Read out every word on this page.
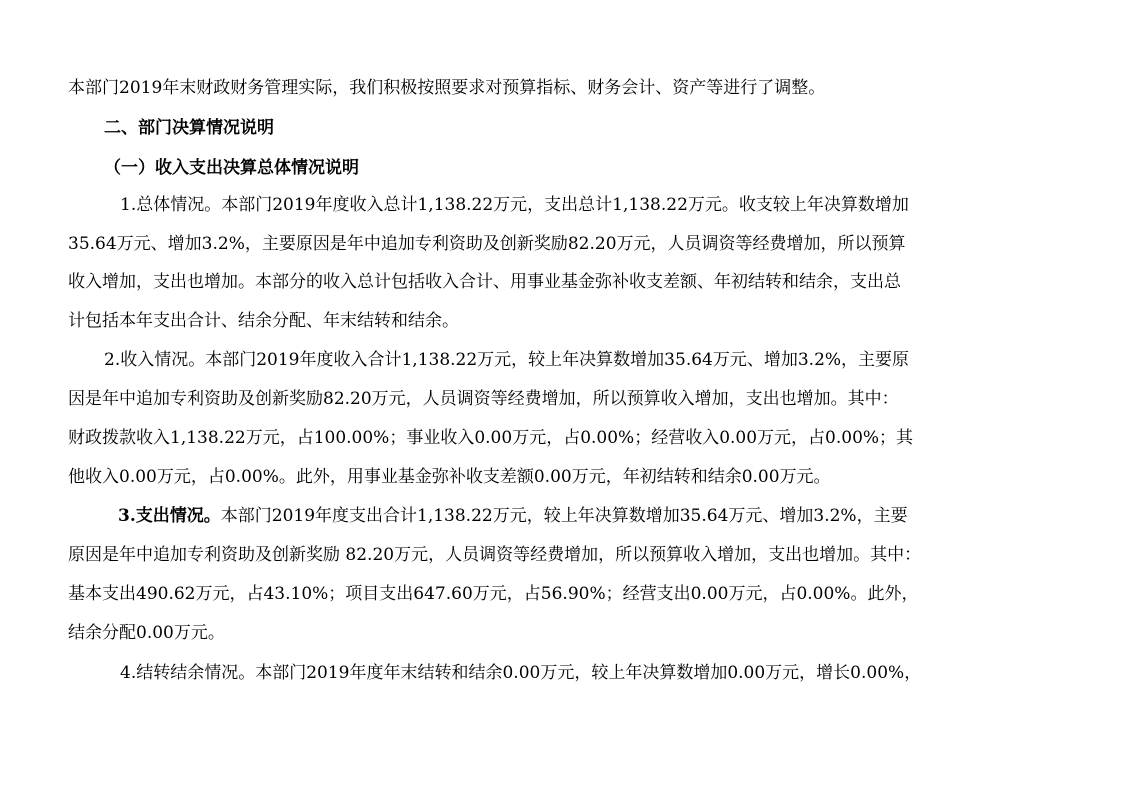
本部门2019年末财政财务管理实际，我们积极按照要求对预算指标、财务会计、资产等进行了调整。
二、部门决算情况说明
（一）收入支出决算总体情况说明
1.总体情况。本部门2019年度收入总计1,138.22万元，支出总计1,138.22万元。收支较上年决算数增加
35.64万元、增加3.2%，主要原因是年中追加专利资助及创新奖励82.20万元，人员调资等经费增加，所以预算
收入增加，支出也增加。本部分的收入总计包括收入合计、用事业基金弥补收支差额、年初结转和结余，支出总
计包括本年支出合计、结余分配、年末结转和结余。
2.收入情况。本部门2019年度收入合计1,138.22万元，较上年决算数增加35.64万元、增加3.2%，主要原
因是年中追加专利资助及创新奖励82.20万元，人员调资等经费增加，所以预算收入增加，支出也增加。其中：
财政拨款收入1,138.22万元，占100.00%；事业收入0.00万元，占0.00%；经营收入0.00万元，占0.00%；其
他收入0.00万元，占0.00%。此外，用事业基金弥补收支差额0.00万元，年初结转和结余0.00万元。
3.支出情况。本部门2019年度支出合计1,138.22万元，较上年决算数增加35.64万元、增加3.2%，主要
原因是年中追加专利资助及创新奖励 82.20万元，人员调资等经费增加，所以预算收入增加，支出也增加。其中：
基本支出490.62万元，占43.10%；项目支出647.60万元，占56.90%；经营支出0.00万元，占0.00%。此外，
结余分配0.00万元。
4.结转结余情况。本部门2019年度年末结转和结余0.00万元，较上年决算数增加0.00万元，增长0.00%，
